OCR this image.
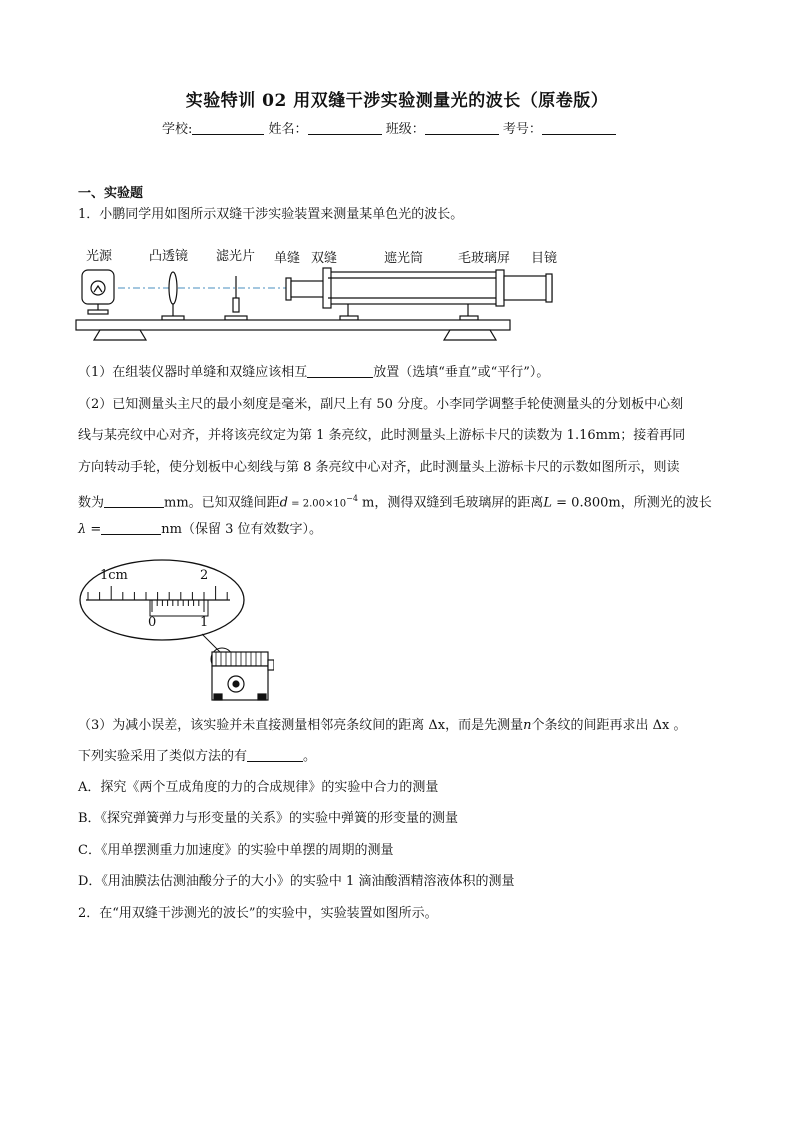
实验特训 02 用双缝干涉实验测量光的波长（原卷版）
学校:	姓名：	班级：	考号：
一、实验题
1．小鹏同学用如图所示双缝干涉实验装置来测量某单色光的波长。
光源	凸透镜 滤光片 单缝 双缝	遮光筒	毛玻璃屏 目镜
（1）在组装仪器时单缝和双缝应该相互	放置（选填“垂直”或“平行”）。
（2）已知测量头主尺的最小刻度是毫米，副尺上有 50 分度。小李同学调整手轮使测量头的分划板中心刻
线与某亮纹中心对齐，并将该亮纹定为第 1 条亮纹，此时测量头上游标卡尺的读数为 1.16mm；接着再同
方向转动手轮，使分划板中心刻线与第 8 条亮纹中心对齐，此时测量头上游标卡尺的示数如图所示，则读
数为	mm。已知双缝间距$d = 2.00\times 10^{-4}$ m，测得双缝到毛玻璃屏的距离L = 0.800m，所测光的波长
λ =	nm（保留 3 位有效数字）。
1cm	2
0	1
（3）为减小误差，该实验并未直接测量相邻亮条纹间的距离 Δx，而是先测量n个条纹的间距再求出 Δx 。
下列实验采用了类似方法的有	。
A．探究《两个互成角度的力的合成规律》的实验中合力的测量
B．《探究弹簧弹力与形变量的关系》的实验中弹簧的形变量的测量
C．《用单摆测重力加速度》的实验中单摆的周期的测量
D．《用油膜法估测油酸分子的大小》的实验中 1 滴油酸酒精溶液体积的测量
2．在“用双缝干涉测光的波长”的实验中，实验装置如图所示。
